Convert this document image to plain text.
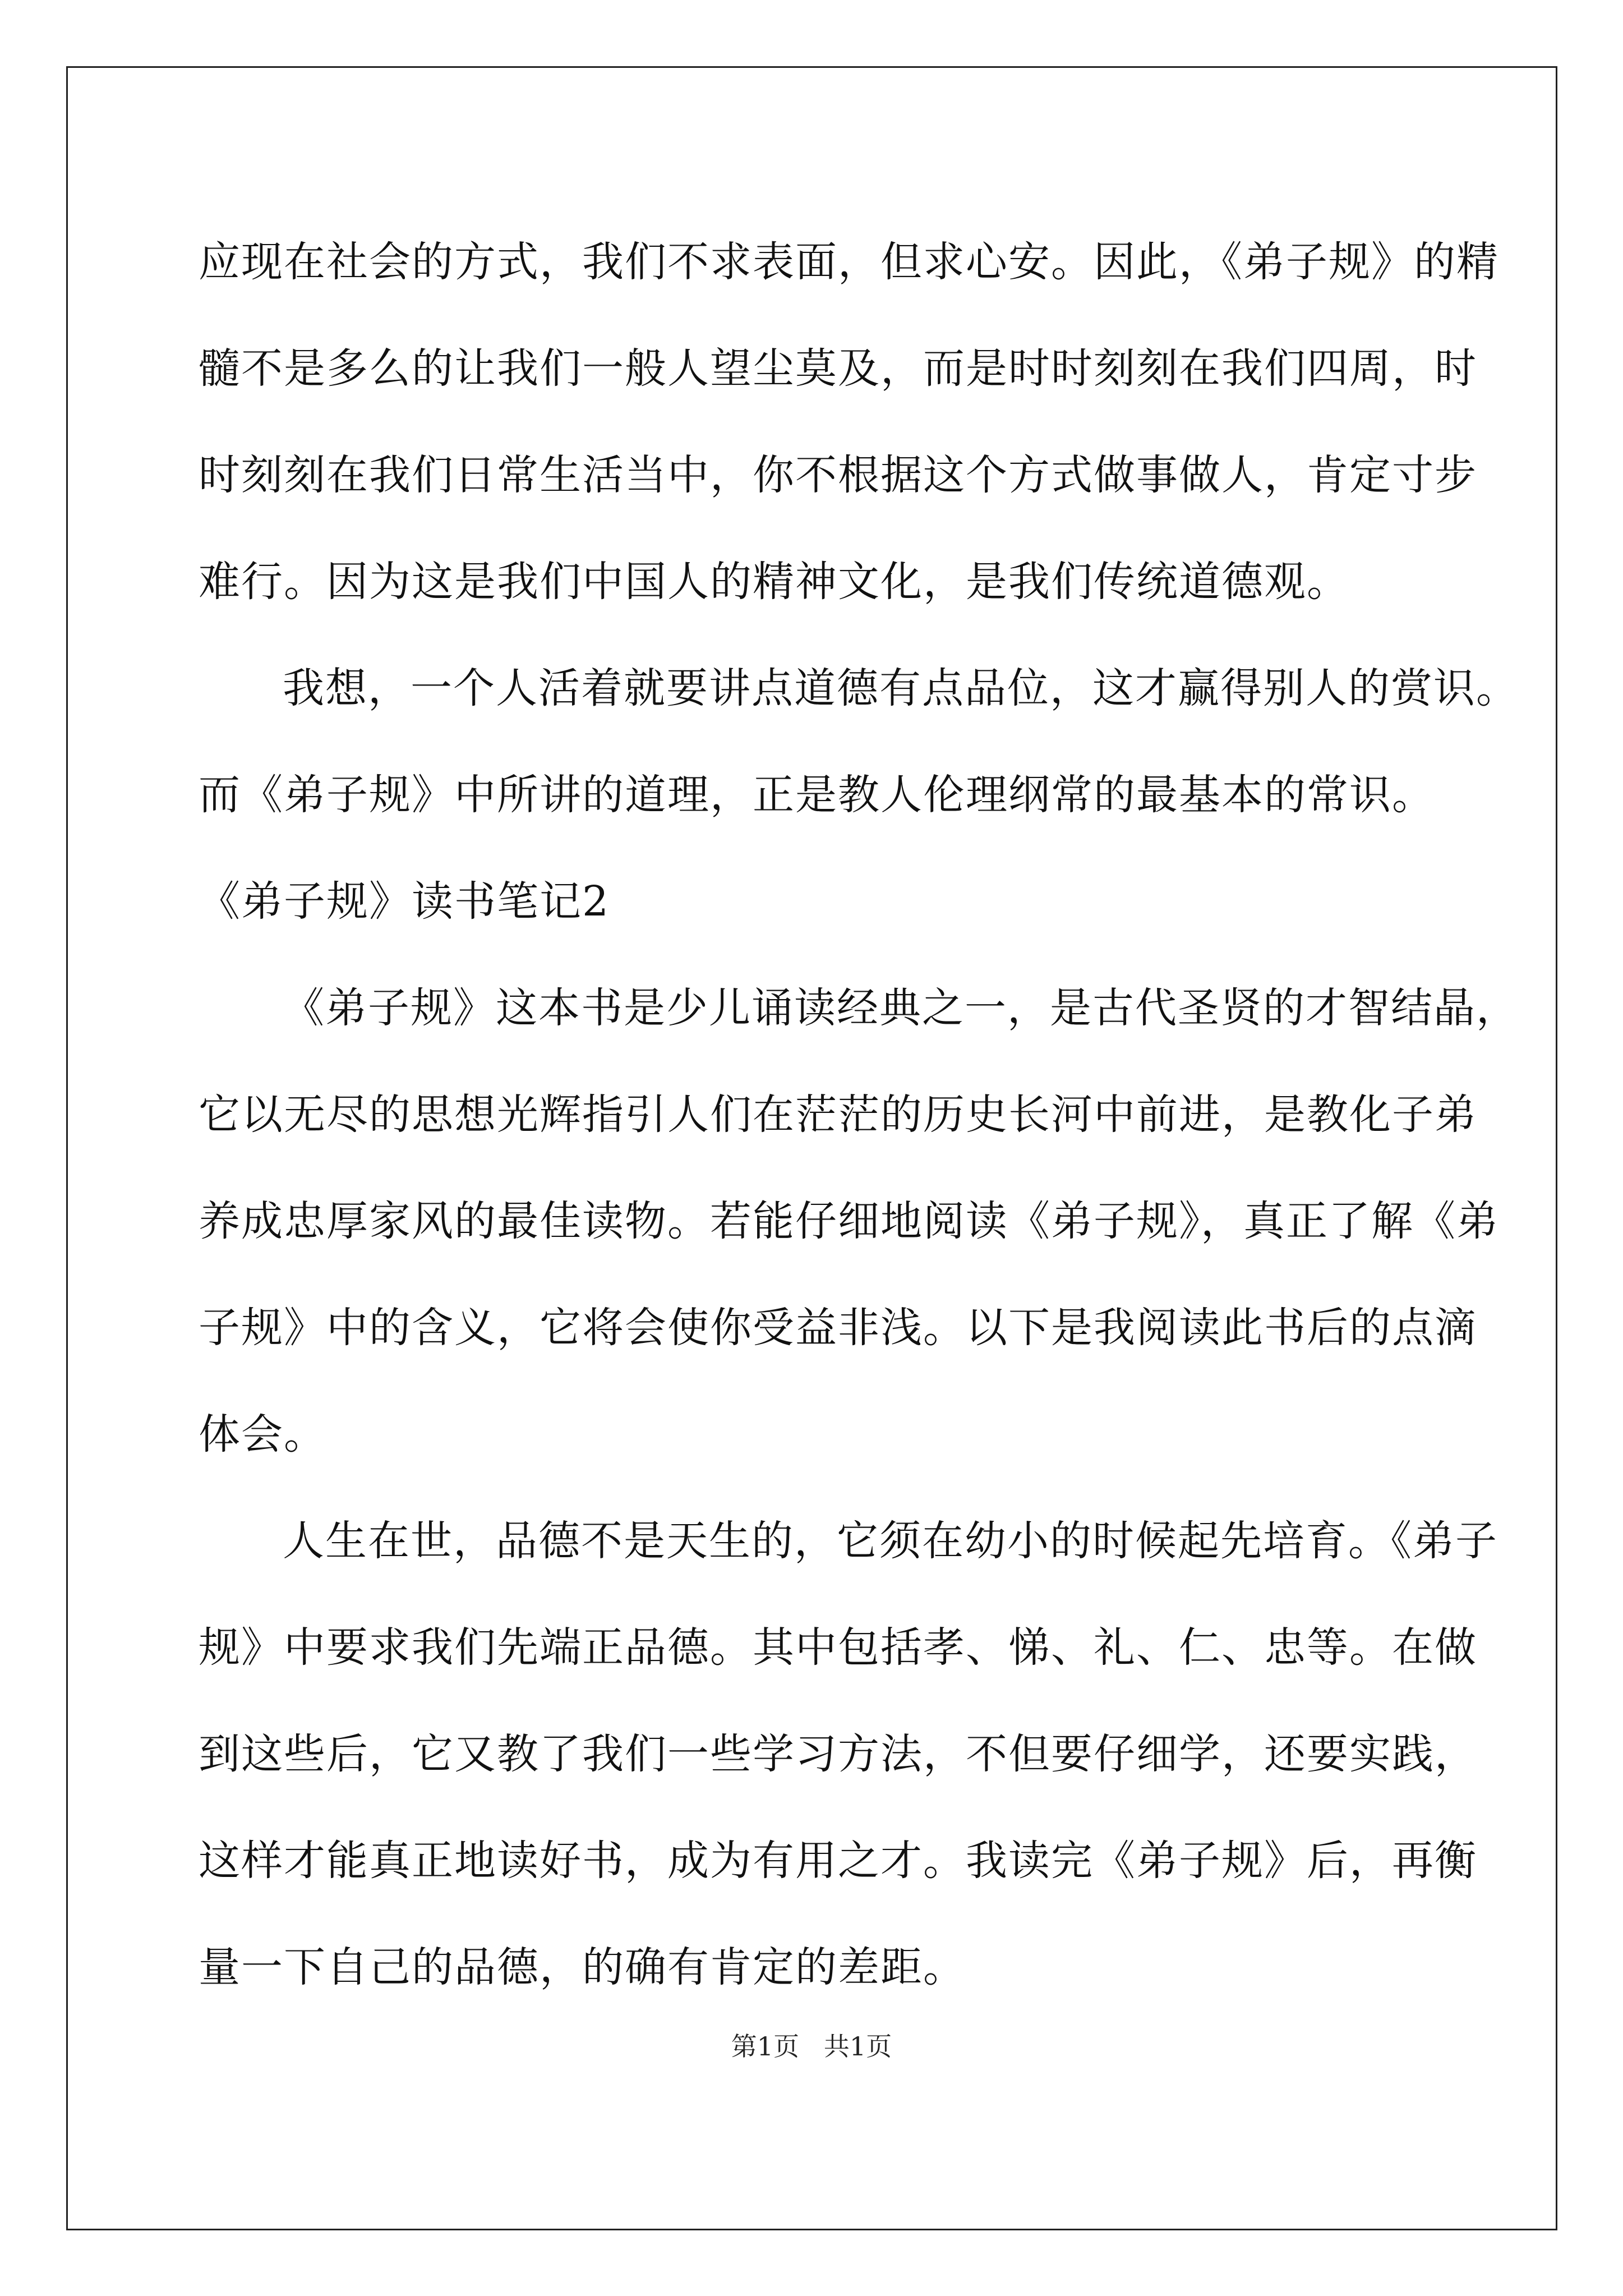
应现在社会的方式，我们不求表面，但求心安。因此，《弟子规》的精
髓不是多么的让我们一般人望尘莫及，而是时时刻刻在我们四周，时
时刻刻在我们日常生活当中，你不根据这个方式做事做人，肯定寸步
难行。因为这是我们中国人的精神文化，是我们传统道德观。
我想，一个人活着就要讲点道德有点品位，这才赢得别人的赏识。
而《弟子规》中所讲的道理，正是教人伦理纲常的最基本的常识。
《弟子规》读书笔记2
《弟子规》这本书是少儿诵读经典之一，是古代圣贤的才智结晶，
它以无尽的思想光辉指引人们在茫茫的历史长河中前进，是教化子弟
养成忠厚家风的最佳读物。若能仔细地阅读《弟子规》，真正了解《弟
子规》中的含义，它将会使你受益非浅。以下是我阅读此书后的点滴
体会。
人生在世，品德不是天生的，它须在幼小的时候起先培育。《弟子
规》中要求我们先端正品德。其中包括孝、悌、礼、仁、忠等。在做
到这些后，它又教了我们一些学习方法，不但要仔细学，还要实践，
这样才能真正地读好书，成为有用之才。我读完《弟子规》后，再衡
量一下自己的品德，的确有肯定的差距。
第1页   共1页
